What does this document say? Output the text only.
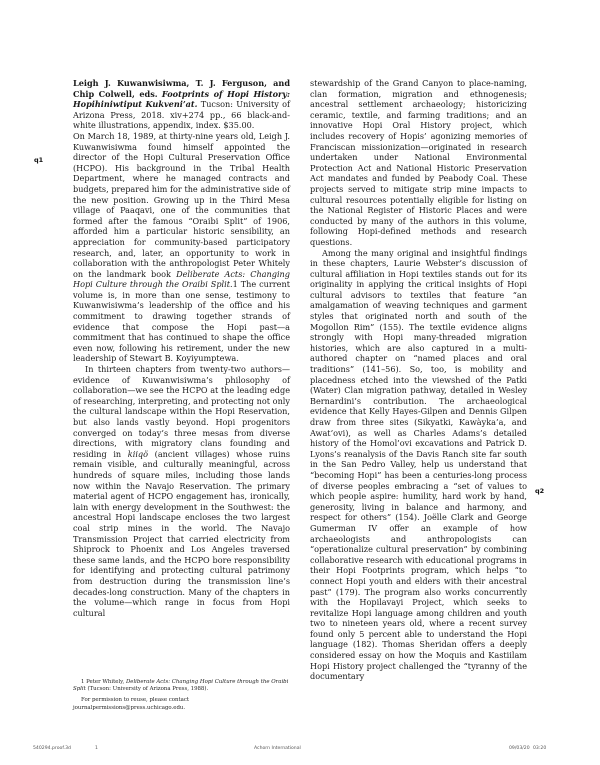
q1
q2

Leigh J. Kuwanwisiwma, T. J. Ferguson, and Chip Colwell, eds. Footprints of Hopi History: Hopihiniwtiput Kukveni’at. Tucson: University of Arizona Press, 2018. xiv+274 pp., 66 black-and-white illustrations, appendix, index. $35.00.

On March 18, 1989, at thirty-nine years old, Leigh J. Kuwanwisiwma found himself appointed the director of the Hopi Cultural Preservation Office (HCPO). His background in the Tribal Health Department, where he managed contracts and budgets, prepared him for the administrative side of the new position. Growing up in the Third Mesa village of Paaqavi, one of the communities that formed after the famous “Oraibi Split” of 1906, afforded him a particular historic sensibility, an appreciation for community-based participatory research, and, later, an opportunity to work in collaboration with the anthropologist Peter Whitely on the landmark book Deliberate Acts: Changing Hopi Culture through the Oraibi Split.1 The current volume is, in more than one sense, testimony to Kuwanwisiwma’s leadership of the office and his commitment to drawing together strands of evidence that compose the Hopi past—a commitment that has continued to shape the office even now, following his retirement, under the new leadership of Stewart B. Koyiyumptewa.

In thirteen chapters from twenty-two authors—evidence of Kuwanwisiwma’s philosophy of collaboration—we see the HCPO at the leading edge of researching, interpreting, and protecting not only the cultural landscape within the Hopi Reservation, but also lands vastly beyond. Hopi progenitors converged on today’s three mesas from diverse directions, with migratory clans founding and residing in kiiqö (ancient villages) whose ruins remain visible, and culturally meaningful, across hundreds of square miles, including those lands now within the Navajo Reservation. The primary material agent of HCPO engagement has, ironically, lain with energy development in the Southwest: the ancestral Hopi landscape encloses the two largest coal strip mines in the world. The Navajo Transmission Project that carried electricity from Shiprock to Phoenix and Los Angeles traversed these same lands, and the HCPO bore responsibility for identifying and protecting cultural patrimony from destruction during the transmission line’s decades-long construction. Many of the chapters in the volume—which range in focus from Hopi cultural

1 Peter Whitely, Deliberate Acts: Changing Hopi Culture through the Oraibi Split (Tucson: University of Arizona Press, 1988).

For permission to reuse, please contact journalpermissions@press.uchicago.edu.

stewardship of the Grand Canyon to place-naming, clan formation, migration and ethnogenesis; ancestral settlement archaeology; historicizing ceramic, textile, and farming traditions; and an innovative Hopi Oral History project, which includes recovery of Hopis’ agonizing memories of Franciscan missionization—originated in research undertaken under National Environmental Protection Act and National Historic Preservation Act mandates and funded by Peabody Coal. These projects served to mitigate strip mine impacts to cultural resources potentially eligible for listing on the National Register of Historic Places and were conducted by many of the authors in this volume, following Hopi-defined methods and research questions.

Among the many original and insightful findings in these chapters, Laurie Webster’s discussion of cultural affiliation in Hopi textiles stands out for its originality in applying the critical insights of Hopi cultural advisors to textiles that feature “an amalgamation of weaving techniques and garment styles that originated north and south of the Mogollon Rim” (155). The textile evidence aligns strongly with Hopi many-threaded migration histories, which are also captured in a multi-authored chapter on “named places and oral traditions” (141–56). So, too, is mobility and placedness etched into the viewshed of the Patki (Water) Clan migration pathway, detailed in Wesley Bernardini’s contribution. The archaeological evidence that Kelly Hayes-Gilpen and Dennis Gilpen draw from three sites (Sikyatki, Kawàyka’a, and Awat’ovi), as well as Charles Adams’s detailed history of the Homol’ovi excavations and Patrick D. Lyons’s reanalysis of the Davis Ranch site far south in the San Pedro Valley, help us understand that “becoming Hopi” has been a centuries-long process of diverse peoples embracing a “set of values to which people aspire: humility, hard work by hand, generosity, living in balance and harmony, and respect for others” (154). Joëlle Clark and George Gumerman IV offer an example of how archaeologists and anthropologists can “operationalize cultural preservation” by combining collaborative research with educational programs in their Hopi Footprints program, which helps “to connect Hopi youth and elders with their ancestral past” (179). The program also works concurrently with the Hopilavayi Project, which seeks to revitalize Hopi language among children and youth two to nineteen years old, where a recent survey found only 5 percent able to understand the Hopi language (182). Thomas Sheridan offers a deeply considered essay on how the Moquis and Kastiilam Hopi History project challenged the “tyranny of the documentary

5402​94.proof.3d	1	Achorn International	09/03/20 03:20
